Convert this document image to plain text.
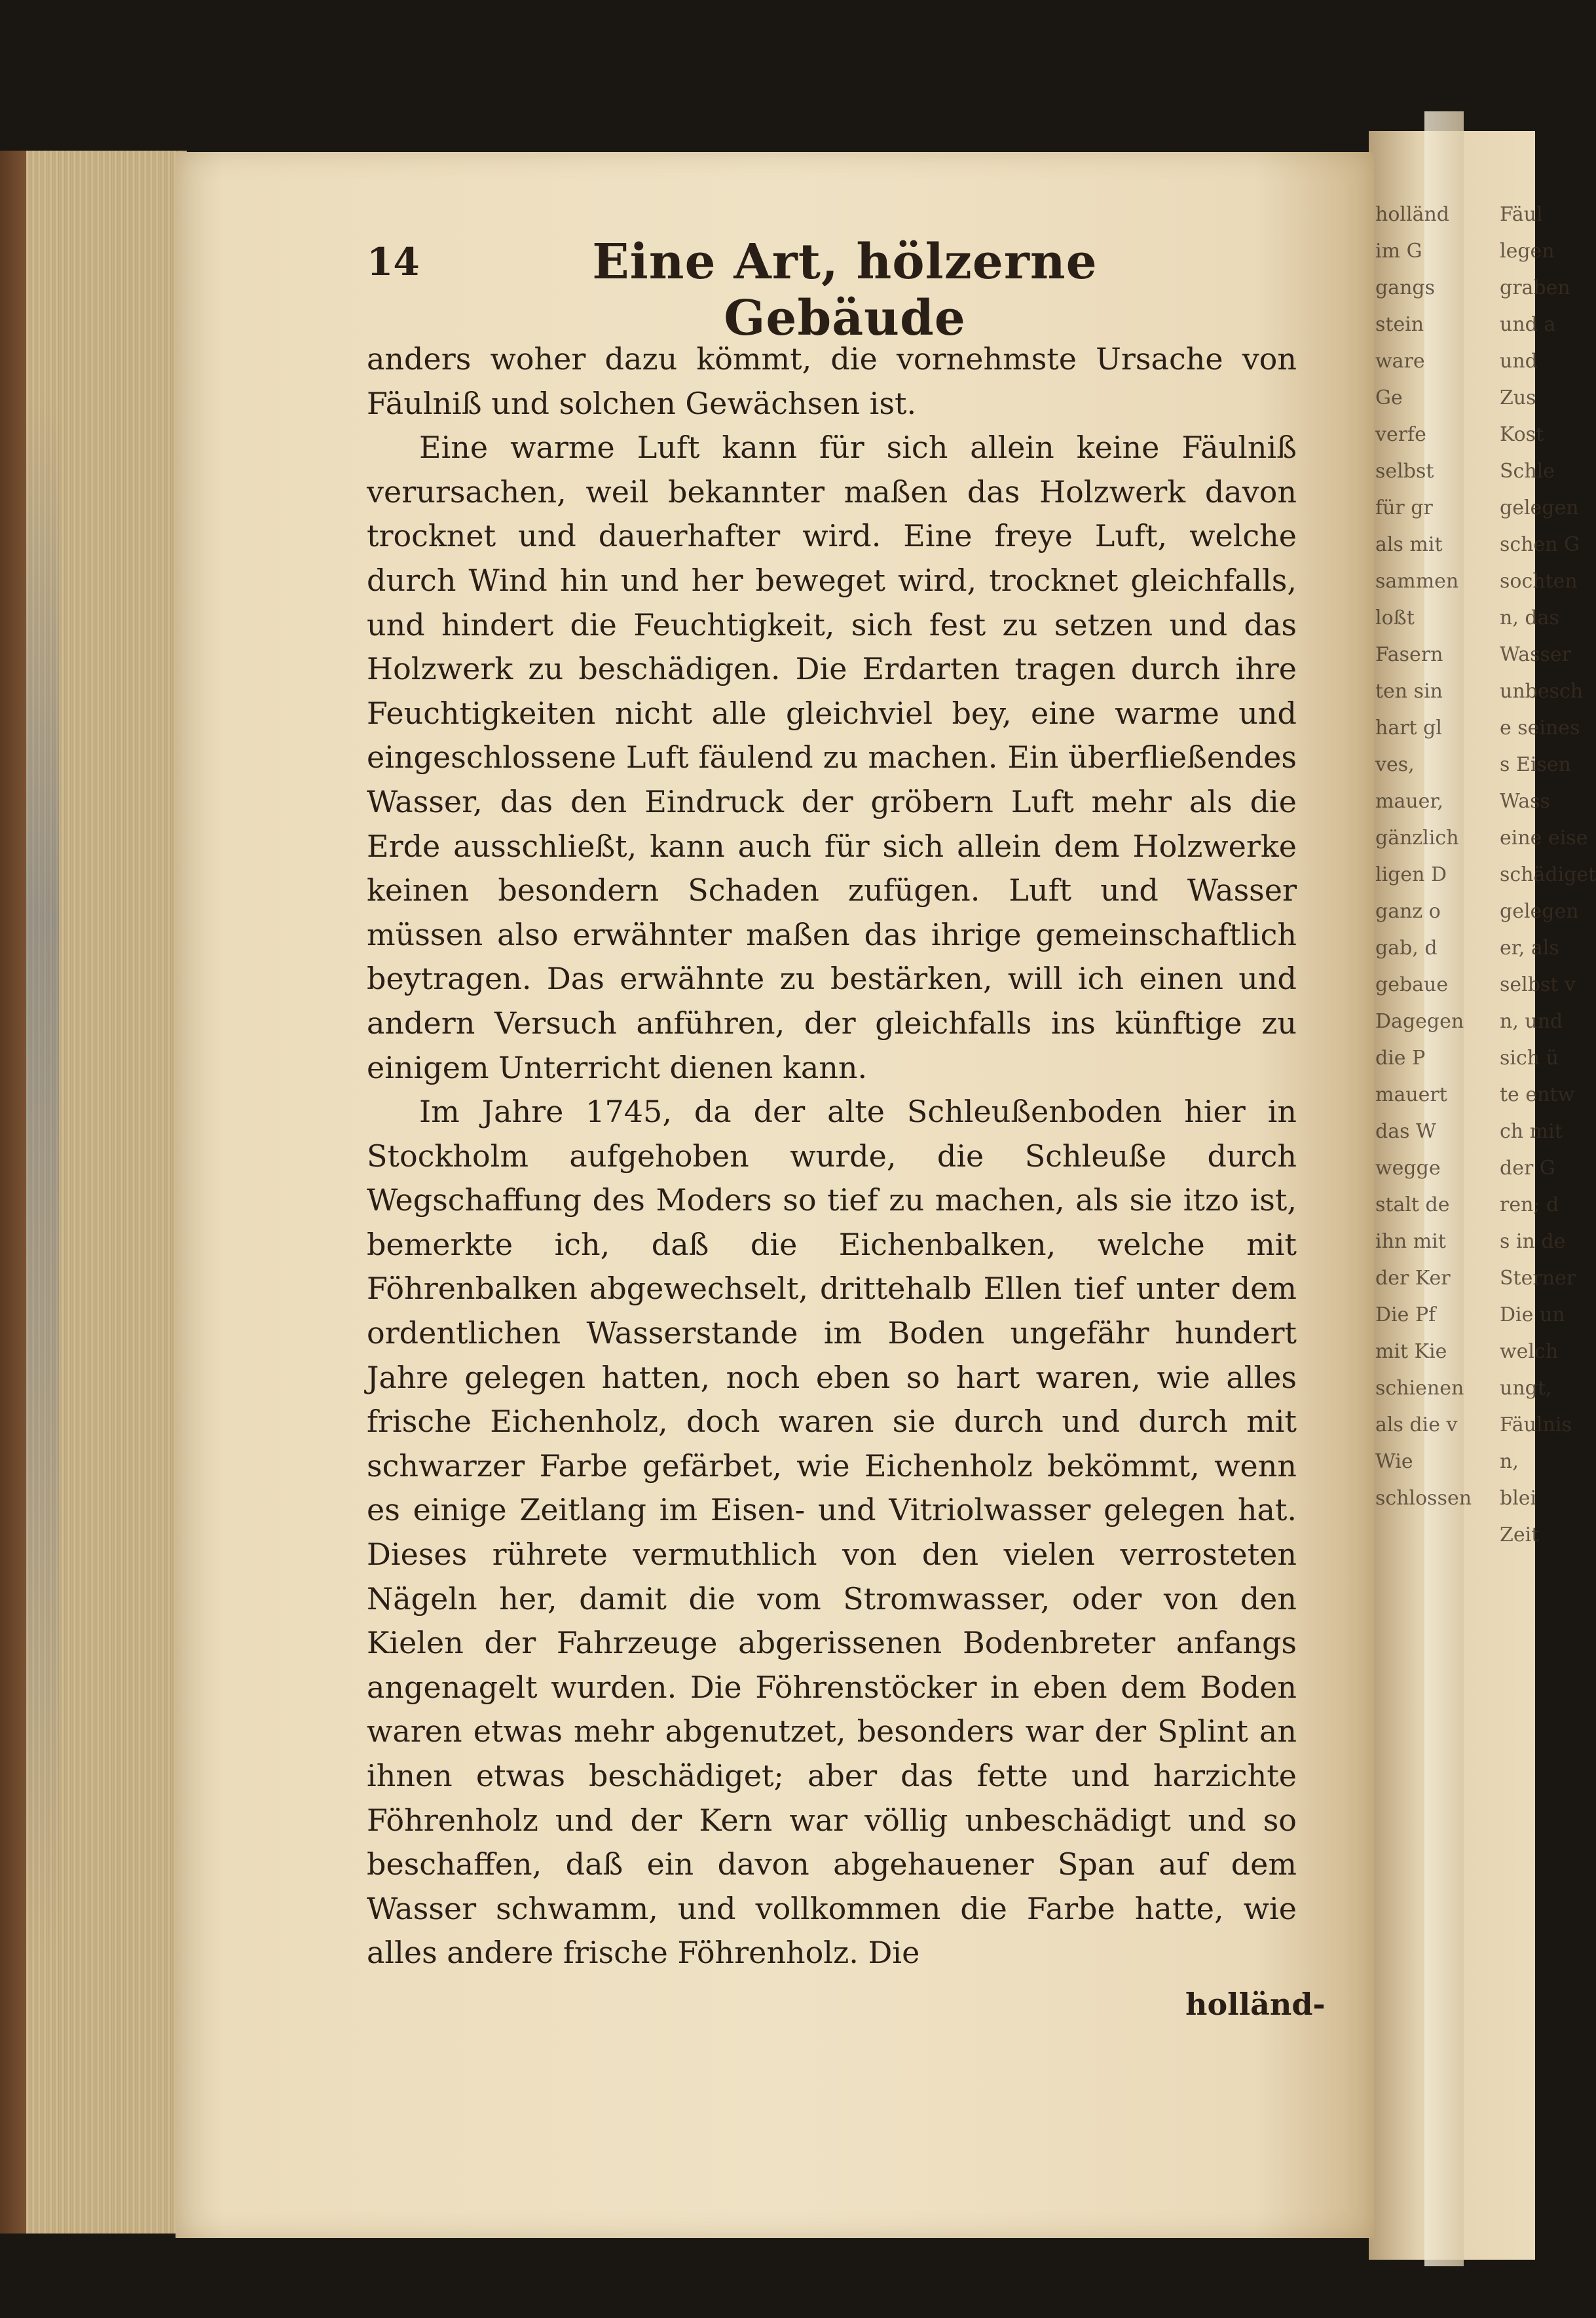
holländ
im G
gangs
stein
ware
Ge
verfe
selbst
für gr
als mit
sammen
loßt
Fasern
ten sin
hart gl
ves,
mauer,
gänzlich
ligen D
ganz o
gab, d
gebaue
Dagegen
die P
mauert
das W
wegge
stalt de
ihn mit
der Ker
Die Pf
mit Kie
schienen
als die v
Wie
schlossen
Fäul
legen
graben
und a
und
Zus
Kost
Schle
gelegen
schen G
sochten
n, das
Wasser
unbesch
e seines
s Eisen
Wass
eine eise
schädiget
gelegen
er, als
selbst v
n, und
sich ü
te entw
ch mit
der G
ren; d
s in de
Sterner
Die un
welch
ungt,
Fäulnis
n,
blei
Zeit
14	Eine Art, hölzerne Gebäude

anders woher dazu kömmt, die vornehmste Ursache von Fäulniß und solchen Gewächsen ist.

Eine warme Luft kann für sich allein keine Fäulniß verursachen, weil bekannter maßen das Holzwerk davon trocknet und dauerhafter wird. Eine freye Luft, welche durch Wind hin und her beweget wird, trocknet gleichfalls, und hindert die Feuchtigkeit, sich fest zu setzen und das Holzwerk zu beschädigen. Die Erdarten tragen durch ihre Feuchtigkeiten nicht alle gleichviel bey, eine warme und eingeschlossene Luft fäulend zu machen. Ein überfließendes Wasser, das den Eindruck der gröbern Luft mehr als die Erde ausschließt, kann auch für sich allein dem Holzwerke keinen besondern Schaden zufügen. Luft und Wasser müssen also erwähnter maßen das ihrige gemeinschaftlich beytragen. Das erwähnte zu bestärken, will ich einen und andern Versuch anführen, der gleichfalls ins künftige zu einigem Unterricht dienen kann.

Im Jahre 1745, da der alte Schleußenboden hier in Stockholm aufgehoben wurde, die Schleuße durch Wegschaffung des Moders so tief zu machen, als sie itzo ist, bemerkte ich, daß die Eichenbalken, welche mit Föhrenbalken abgewechselt, drittehalb Ellen tief unter dem ordentlichen Wasserstande im Boden ungefähr hundert Jahre gelegen hatten, noch eben so hart waren, wie alles frische Eichenholz, doch waren sie durch und durch mit schwarzer Farbe gefärbet, wie Eichenholz bekömmt, wenn es einige Zeitlang im Eisen- und Vitriolwasser gelegen hat. Dieses rührete vermuthlich von den vielen verrosteten Nägeln her, damit die vom Stromwasser, oder von den Kielen der Fahrzeuge abgerissenen Bodenbreter anfangs angenagelt wurden. Die Föhrenstöcker in eben dem Boden waren etwas mehr abgenutzet, besonders war der Splint an ihnen etwas beschädiget; aber das fette und harzichte Föhrenholz und der Kern war völlig unbeschädigt und so beschaffen, daß ein davon abgehauener Span auf dem Wasser schwamm, und vollkommen die Farbe hatte, wie alles andere frische Föhrenholz. Die

holländ-
